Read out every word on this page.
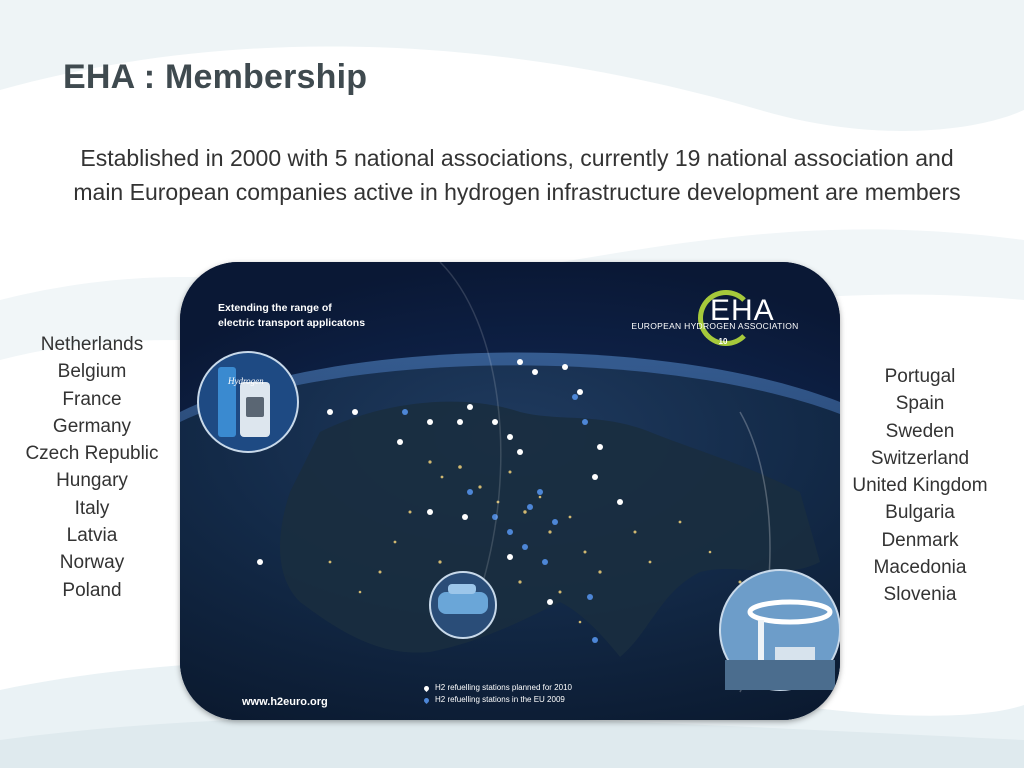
EHA : Membership

Established in 2000 with 5 national associations, currently 19 national association and main European companies active in hydrogen infrastructure development are members

Netherlands
Belgium
France
Germany
Czech Republic
Hungary
Italy
Latvia
Norway
Poland
Portugal
Spain
Sweden
Switzerland
United Kingdom
Bulgaria
Denmark
Macedonia
Slovenia
Hydrogen
Extending the range of
electric transport applicatons	EHA
EUROPEAN HYDROGEN ASSOCIATION
10
H2 refuelling stations planned for 2010
H2 refuelling stations in the EU 2009
www.h2euro.org
